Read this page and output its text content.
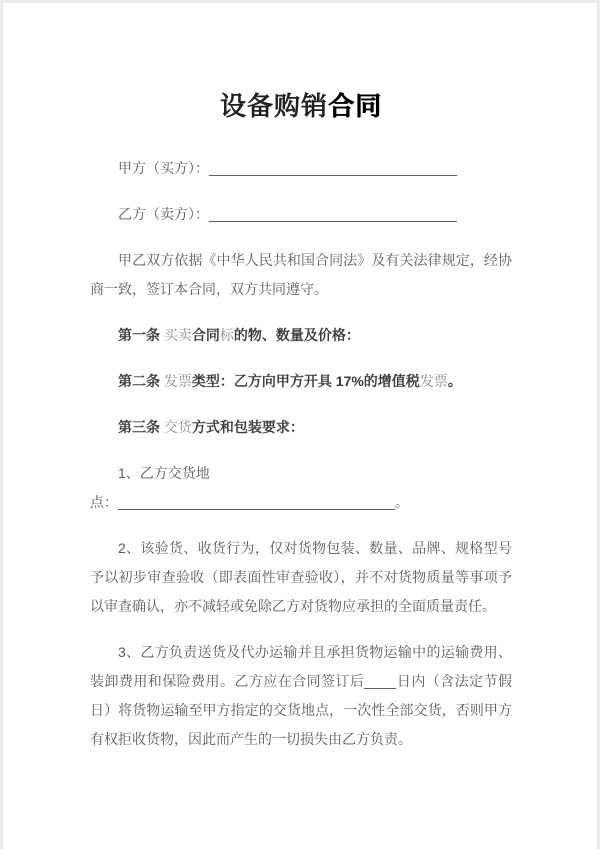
设备购销合同

甲方（买方）：

乙方（卖方）：

甲乙双方依据《中华人民共和国合同法》及有关法律规定，经协商一致，签订本合同，双方共同遵守。

第一条 买卖合同标的物、数量及价格：

第二条 发票类型：乙方向甲方开具 17%的增值税发票。

第三条 交货方式和包装要求：

1、乙方交货地
点：	。

2、该验货、收货行为，仅对货物包装、数量、品牌、规格型号予以初步审查验收（即表面性审查验收），并不对货物质量等事项予以审查确认，亦不减轻或免除乙方对货物应承担的全面质量责任。

3、乙方负责送货及代办运输并且承担货物运输中的运输费用、装卸费用和保险费用。乙方应在合同签订后 日内（含法定节假日）将货物运输至甲方指定的交货地点，一次性全部交货，否则甲方有权拒收货物，因此而产生的一切损失由乙方负责。
